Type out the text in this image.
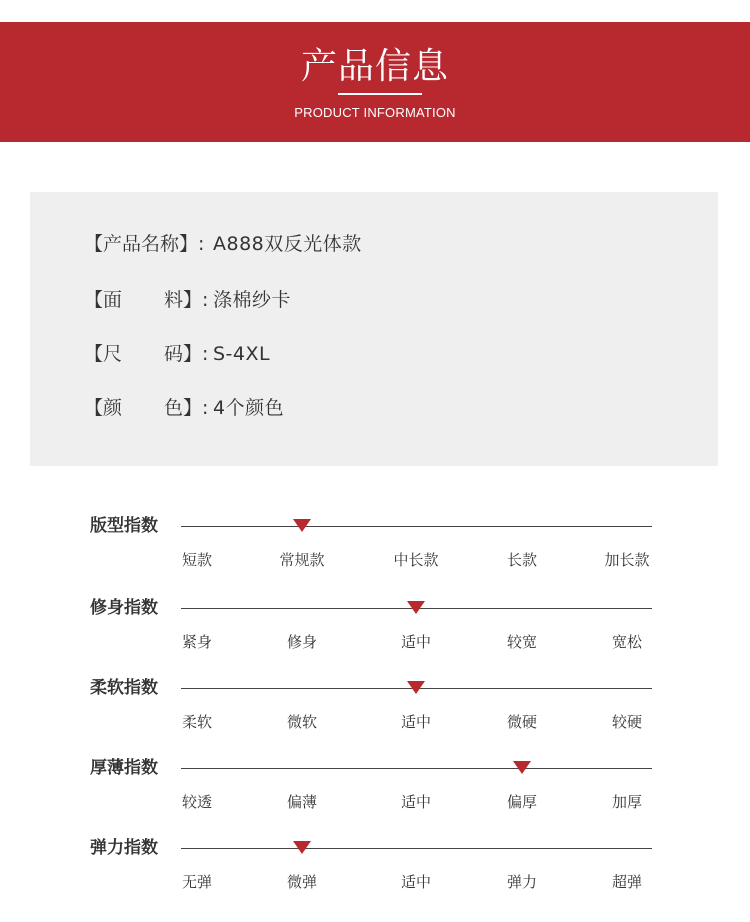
产品信息
PRODUCT INFORMATION
【产品名称】: A888双反光体款
【面 料】: 涤棉纱卡
【尺 码】: S-4XL
【颜 色】: 4个颜色
版型指数
短款	常规款	中长款	长款	加长款
修身指数
紧身	修身	适中	较宽	宽松
柔软指数
柔软	微软	适中	微硬	较硬
厚薄指数
较透	偏薄	适中	偏厚	加厚
弹力指数
无弹	微弹	适中	弹力	超弹
